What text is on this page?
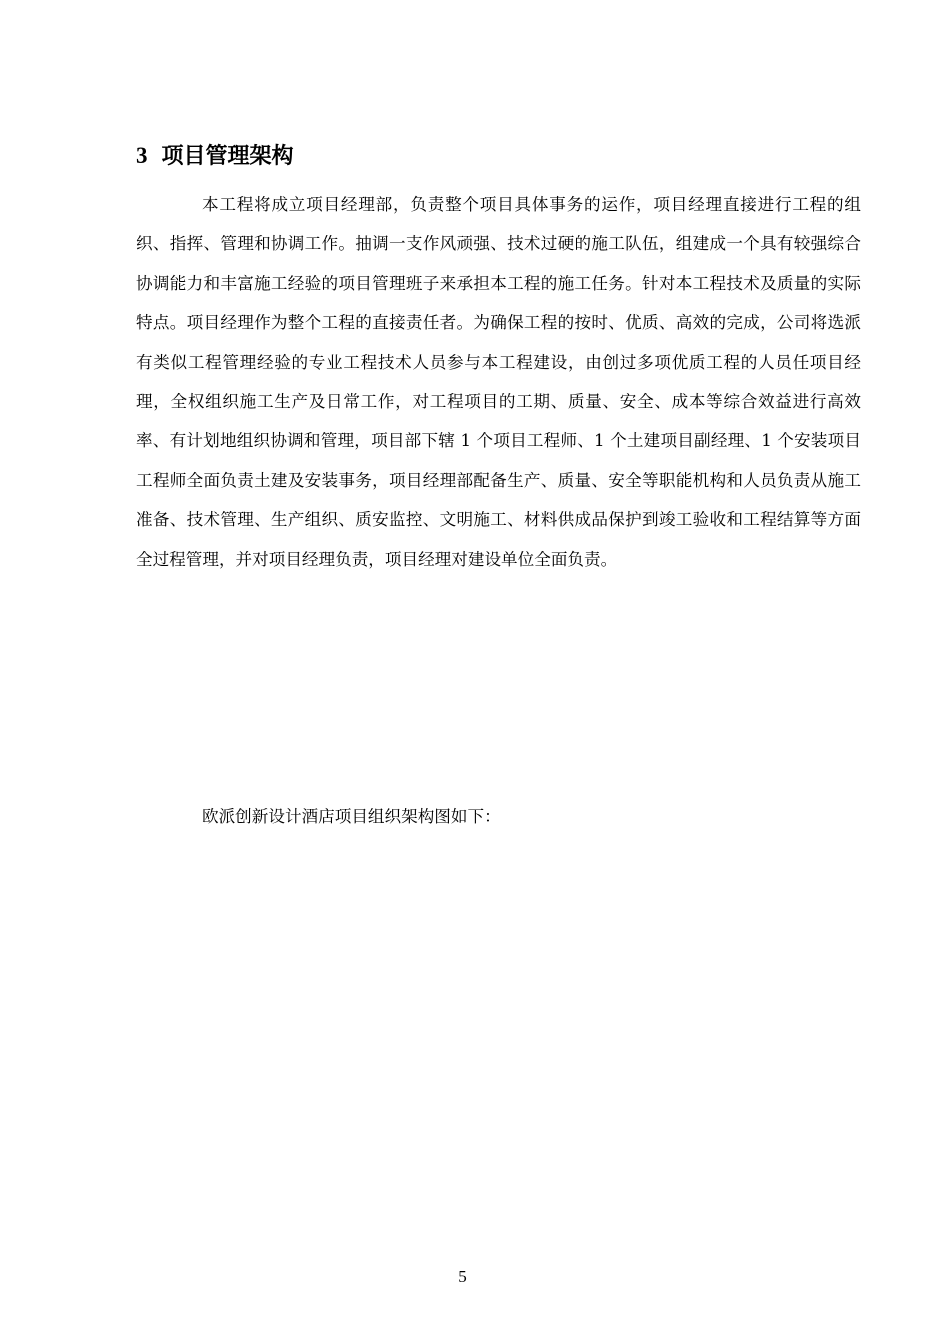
3 项目管理架构

本工程将成立项目经理部，负责整个项目具体事务的运作，项目经理直接进行工程的组织、指挥、管理和协调工作。抽调一支作风顽强、技术过硬的施工队伍，组建成一个具有较强综合协调能力和丰富施工经验的项目管理班子来承担本工程的施工任务。针对本工程技术及质量的实际特点。项目经理作为整个工程的直接责任者。为确保工程的按时、优质、高效的完成，公司将选派有类似工程管理经验的专业工程技术人员参与本工程建设，由创过多项优质工程的人员任项目经理，全权组织施工生产及日常工作，对工程项目的工期、质量、安全、成本等综合效益进行高效率、有计划地组织协调和管理，项目部下辖 1 个项目工程师、1 个土建项目副经理、1 个安装项目工程师全面负责土建及安装事务，项目经理部配备生产、质量、安全等职能机构和人员负责从施工准备、技术管理、生产组织、质安监控、文明施工、材料供成品保护到竣工验收和工程结算等方面全过程管理，并对项目经理负责，项目经理对建设单位全面负责。

欧派创新设计酒店项目组织架构图如下：

5
